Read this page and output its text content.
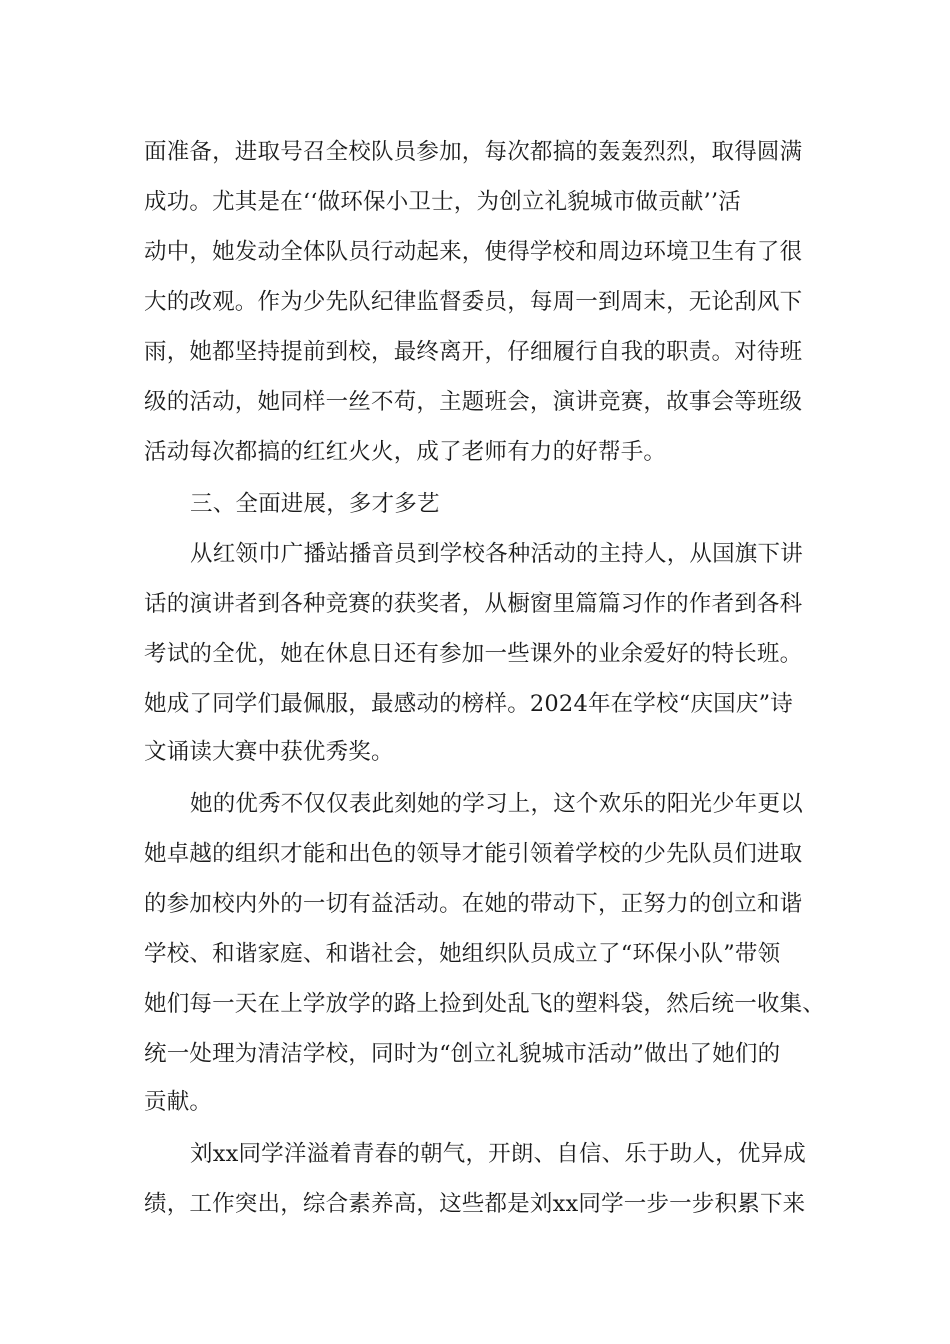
面准备，进取号召全校队员参加，每次都搞的轰轰烈烈，取得圆满
成功。尤其是在‘‘做环保小卫士，为创立礼貌城市做贡献’’活
动中，她发动全体队员行动起来，使得学校和周边环境卫生有了很
大的改观。作为少先队纪律监督委员，每周一到周末，无论刮风下
雨，她都坚持提前到校，最终离开，仔细履行自我的职责。对待班
级的活动，她同样一丝不苟，主题班会，演讲竞赛，故事会等班级
活动每次都搞的红红火火，成了老师有力的好帮手。
三、全面进展，多才多艺
从红领巾广播站播音员到学校各种活动的主持人，从国旗下讲
话的演讲者到各种竞赛的获奖者，从橱窗里篇篇习作的作者到各科
考试的全优，她在休息日还有参加一些课外的业余爱好的特长班。
她成了同学们最佩服，最感动的榜样。2024年在学校“庆国庆”诗
文诵读大赛中获优秀奖。
她的优秀不仅仅表此刻她的学习上，这个欢乐的阳光少年更以
她卓越的组织才能和出色的领导才能引领着学校的少先队员们进取
的参加校内外的一切有益活动。在她的带动下，正努力的创立和谐
学校、和谐家庭、和谐社会，她组织队员成立了“环保小队”带领
她们每一天在上学放学的路上捡到处乱飞的塑料袋，然后统一收集、
统一处理为清洁学校，同时为“创立礼貌城市活动”做出了她们的
贡献。
刘xx同学洋溢着青春的朝气，开朗、自信、乐于助人，优异成
绩，工作突出，综合素养高，这些都是刘xx同学一步一步积累下来
